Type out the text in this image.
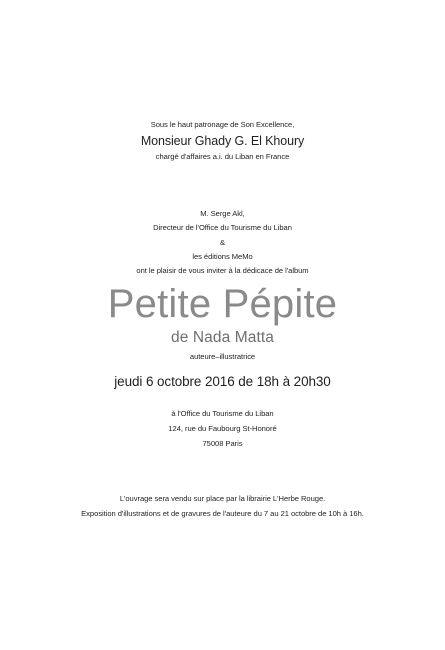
Sous le haut patronage de Son Excellence,
Monsieur Ghady G. El Khoury
chargé d'affaires a.i. du Liban en France
M. Serge Akl,
Directeur de l'Office du Tourisme du Liban
&
les éditions MeMo
ont le plaisir de vous inviter à la dédicace de l'album
Petite Pépite
de Nada Matta
auteure–illustratrice
jeudi 6 octobre 2016 de 18h à 20h30
à l'Office du Tourisme du Liban
124, rue du Faubourg St-Honoré
75008 Paris
L'ouvrage sera vendu sur place par la librairie L'Herbe Rouge.
Exposition d'illustrations et de gravures de l'auteure du 7 au 21 octobre de 10h à 16h.
